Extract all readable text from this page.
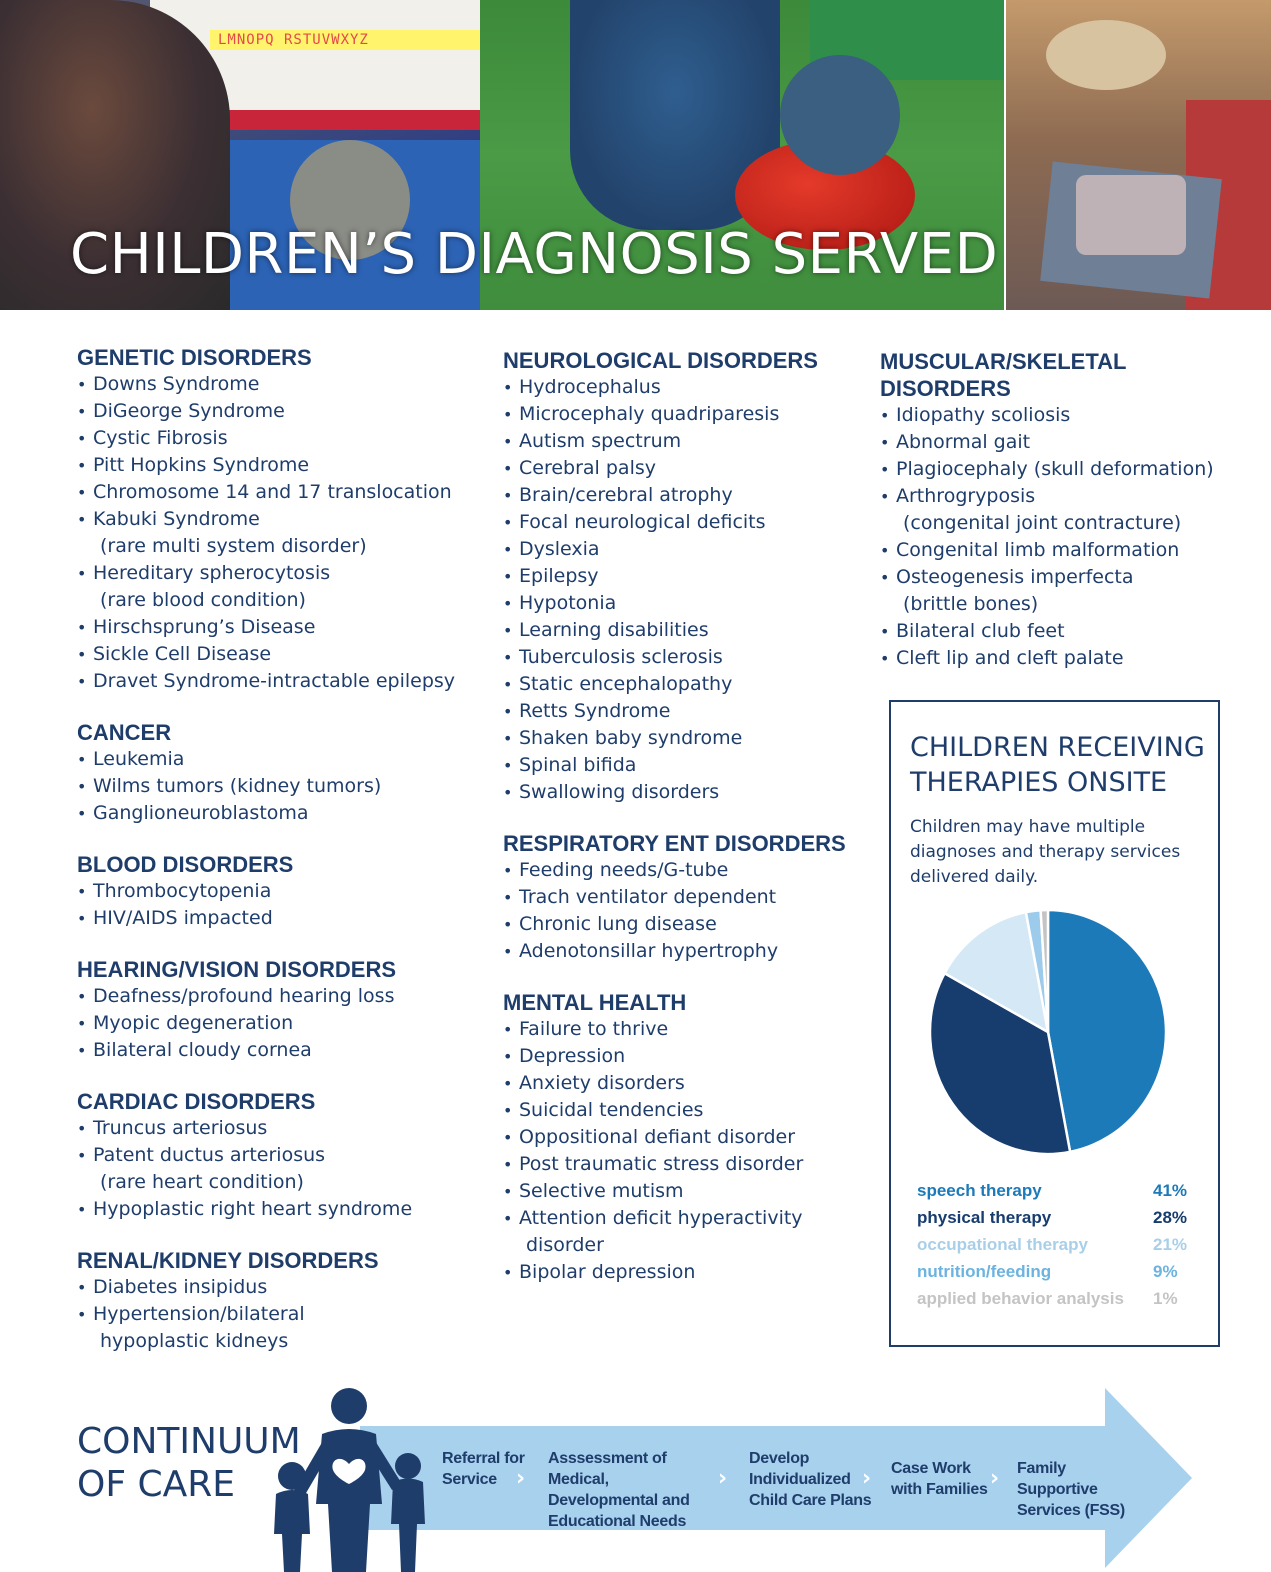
LMNOPQ RSTUVWXYZ
CHILDREN’S DIAGNOSIS SERVED
GENETIC DISORDERS
• Downs Syndrome
• DiGeorge Syndrome
• Cystic Fibrosis
• Pitt Hopkins Syndrome
• Chromosome 14 and 17 translocation
• Kabuki Syndrome
(rare multi system disorder)
• Hereditary spherocytosis
(rare blood condition)
• Hirschsprung’s Disease
• Sickle Cell Disease
• Dravet Syndrome-intractable epilepsy
CANCER
• Leukemia
• Wilms tumors (kidney tumors)
• Ganglioneuroblastoma
BLOOD DISORDERS
• Thrombocytopenia
• HIV/AIDS impacted
HEARING/VISION DISORDERS
• Deafness/profound hearing loss
• Myopic degeneration
• Bilateral cloudy cornea
CARDIAC DISORDERS
• Truncus arteriosus
• Patent ductus arteriosus
(rare heart condition)
• Hypoplastic right heart syndrome
RENAL/KIDNEY DISORDERS
• Diabetes insipidus
• Hypertension/bilateral
hypoplastic kidneys
NEUROLOGICAL DISORDERS
• Hydrocephalus
• Microcephaly quadriparesis
• Autism spectrum
• Cerebral palsy
• Brain/cerebral atrophy
• Focal neurological deficits
• Dyslexia
• Epilepsy
• Hypotonia
• Learning disabilities
• Tuberculosis sclerosis
• Static encephalopathy
• Retts Syndrome
• Shaken baby syndrome
• Spinal bifida
• Swallowing disorders
RESPIRATORY ENT DISORDERS
• Feeding needs/G-tube
• Trach ventilator dependent
• Chronic lung disease
• Adenotonsillar hypertrophy
MENTAL HEALTH
• Failure to thrive
• Depression
• Anxiety disorders
• Suicidal tendencies
• Oppositional defiant disorder
• Post traumatic stress disorder
• Selective mutism
• Attention deficit hyperactivity
disorder
• Bipolar depression
MUSCULAR/SKELETAL DISORDERS
• Idiopathy scoliosis
• Abnormal gait
• Plagiocephaly (skull deformation)
• Arthrogryposis
(congenital joint contracture)
• Congenital limb malformation
• Osteogenesis imperfecta
(brittle bones)
• Bilateral club feet
• Cleft lip and cleft palate
CHILDREN RECEIVING THERAPIES ONSITE
Children may have multiple diagnoses and therapy services delivered daily.
speech therapy	41%
physical therapy	28%
occupational therapy	21%
nutrition/feeding	9%
applied behavior analysis 1%
CONTINUUM OF CARE
Referral for Service ›
Asssessment of Medical, Developmental and Educational Needs
›
Develop Individualized Child Care Plans
› Case Work with Families › Family Supportive Services (FSS)
